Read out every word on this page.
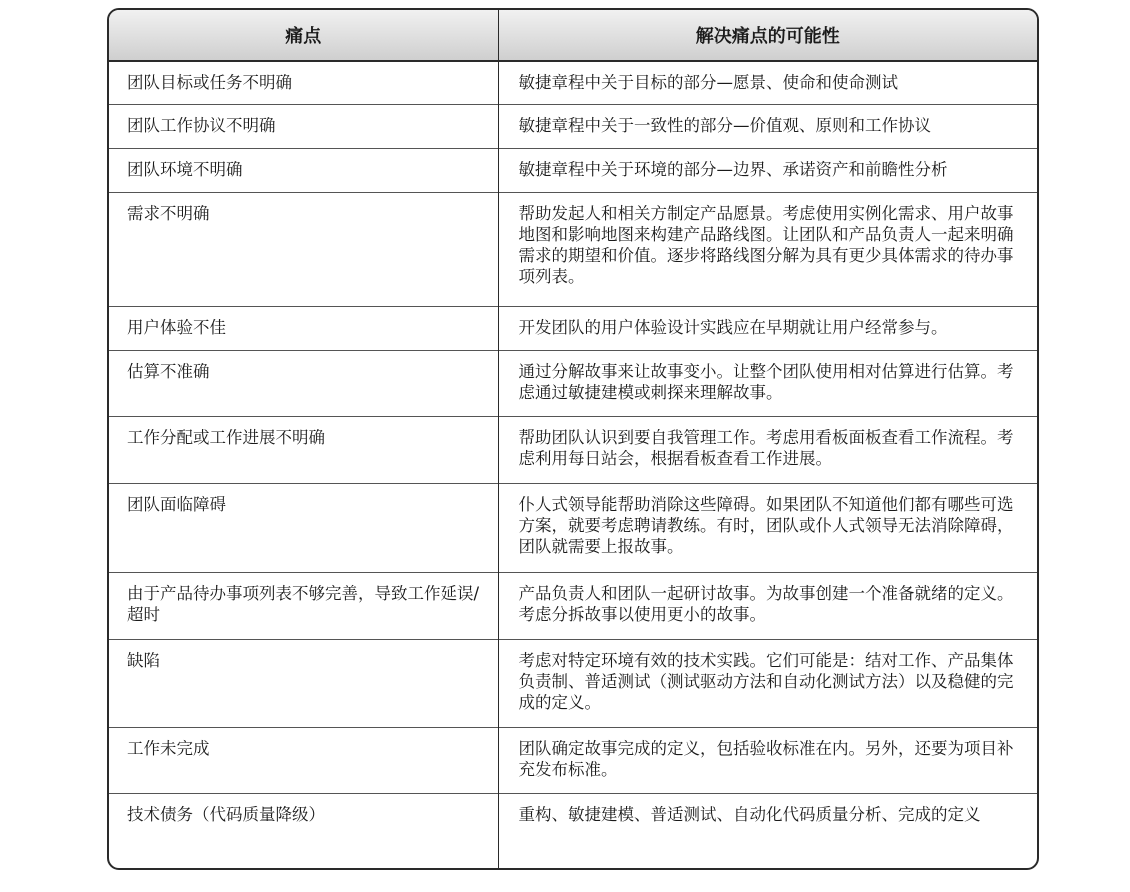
痛点	解决痛点的可能性
团队目标或任务不明确	敏捷章程中关于目标的部分—愿景、使命和使命测试
团队工作协议不明确	敏捷章程中关于一致性的部分—价值观、原则和工作协议
团队环境不明确	敏捷章程中关于环境的部分—边界、承诺资产和前瞻性分析
需求不明确	帮助发起人和相关方制定产品愿景。考虑使用实例化需求、用户故事地图和影响地图来构建产品路线图。让团队和产品负责人一起来明确需求的期望和价值。逐步将路线图分解为具有更少具体需求的待办事项列表。
用户体验不佳	开发团队的用户体验设计实践应在早期就让用户经常参与。
估算不准确	通过分解故事来让故事变小。让整个团队使用相对估算进行估算。考虑通过敏捷建模或刺探来理解故事。
工作分配或工作进展不明确	帮助团队认识到要自我管理工作。考虑用看板面板查看工作流程。考虑利用每日站会，根据看板查看工作进展。
团队面临障碍	仆人式领导能帮助消除这些障碍。如果团队不知道他们都有哪些可选方案，就要考虑聘请教练。有时，团队或仆人式领导无法消除障碍，团队就需要上报故事。
由于产品待办事项列表不够完善，导致工作延误/超时	产品负责人和团队一起研讨故事。为故事创建一个准备就绪的定义。考虑分拆故事以使用更小的故事。
缺陷	考虑对特定环境有效的技术实践。它们可能是：结对工作、产品集体负责制、普适测试（测试驱动方法和自动化测试方法）以及稳健的完成的定义。
工作未完成	团队确定故事完成的定义，包括验收标准在内。另外，还要为项目补充发布标准。
技术债务（代码质量降级）	重构、敏捷建模、普适测试、自动化代码质量分析、完成的定义
